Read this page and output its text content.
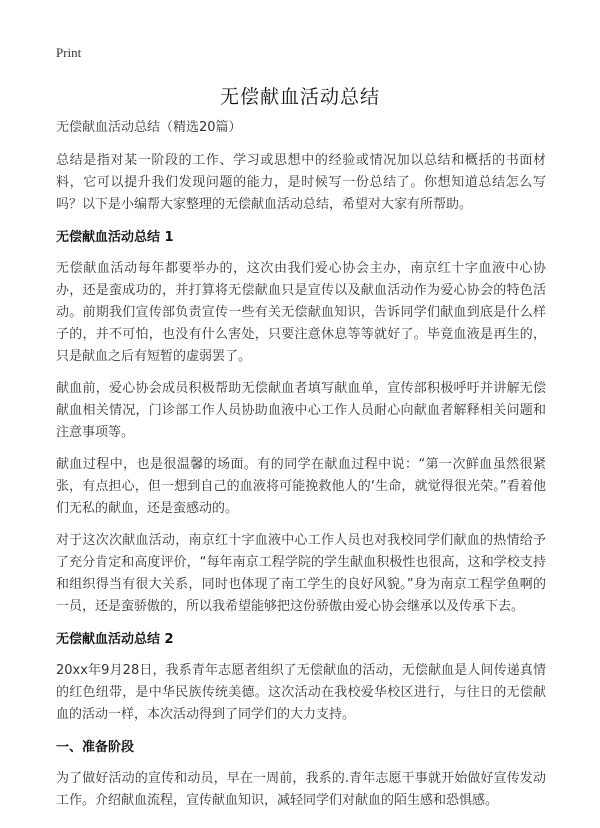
Print
无偿献血活动总结

无偿献血活动总结（精选20篇）

总结是指对某一阶段的工作、学习或思想中的经验或情况加以总结和概括的书面材料，它可以提升我们发现问题的能力，是时候写一份总结了。你想知道总结怎么写吗？以下是小编帮大家整理的无偿献血活动总结，希望对大家有所帮助。

无偿献血活动总结 1

无偿献血活动每年都要举办的，这次由我们爱心协会主办，南京红十字血液中心协办，还是蛮成功的，并打算将无偿献血只是宣传以及献血活动作为爱心协会的特色活动。前期我们宣传部负责宣传一些有关无偿献血知识，告诉同学们献血到底是什么样子的，并不可怕，也没有什么害处，只要注意休息等等就好了。毕竟血液是再生的，只是献血之后有短暂的虚弱罢了。

献血前，爱心协会成员积极帮助无偿献血者填写献血单，宣传部积极呼吁并讲解无偿献血相关情况，门诊部工作人员协助血液中心工作人员耐心向献血者解释相关问题和注意事项等。

献血过程中，也是很温馨的场面。有的同学在献血过程中说：“第一次鲜血虽然很紧张，有点担心，但一想到自己的血液将可能挽救他人的‘生命，就觉得很光荣。”看着他们无私的献血，还是蛮感动的。

对于这次次献血活动，南京红十字血液中心工作人员也对我校同学们献血的热情给予了充分肯定和高度评价，“每年南京工程学院的学生献血积极性也很高，这和学校支持和组织得当有很大关系，同时也体现了南工学生的良好风貌。”身为南京工程学鱼啊的一员，还是蛮骄傲的，所以我希望能够把这份骄傲由爱心协会继承以及传承下去。

无偿献血活动总结 2

20xx年9月28日，我系青年志愿者组织了无偿献血的活动，无偿献血是人间传递真情的红色纽带，是中华民族传统美德。这次活动在我校爱华校区进行，与往日的无偿献血的活动一样，本次活动得到了同学们的大力支持。

一、准备阶段

为了做好活动的宣传和动员，早在一周前，我系的.青年志愿干事就开始做好宣传发动工作。介绍献血流程，宣传献血知识，减轻同学们对献血的陌生感和恐惧感。
